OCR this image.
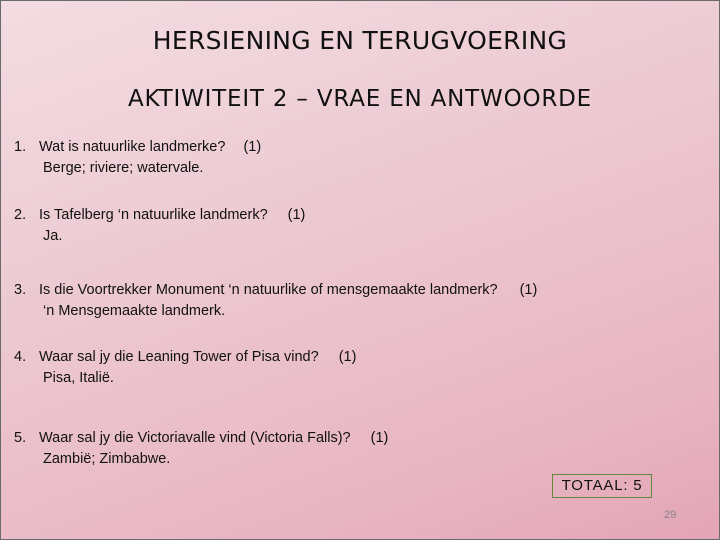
HERSIENING EN TERUGVOERING
AKTIWITEIT 2 – VRAE EN ANTWOORDE
1. Wat is natuurlike landmerke? (1)
Berge; riviere; watervale.
2. Is Tafelberg ‘n natuurlike landmerk? (1)
Ja.
3. Is die Voortrekker Monument ‘n natuurlike of mensgemaakte landmerk? (1)
‘n Mensgemaakte landmerk.
4. Waar sal jy die Leaning Tower of Pisa vind? (1)
Pisa, Italië.
5. Waar sal jy die Victoriavalle vind (Victoria Falls)? (1)
Zambië; Zimbabwe.
TOTAAL: 5
29
